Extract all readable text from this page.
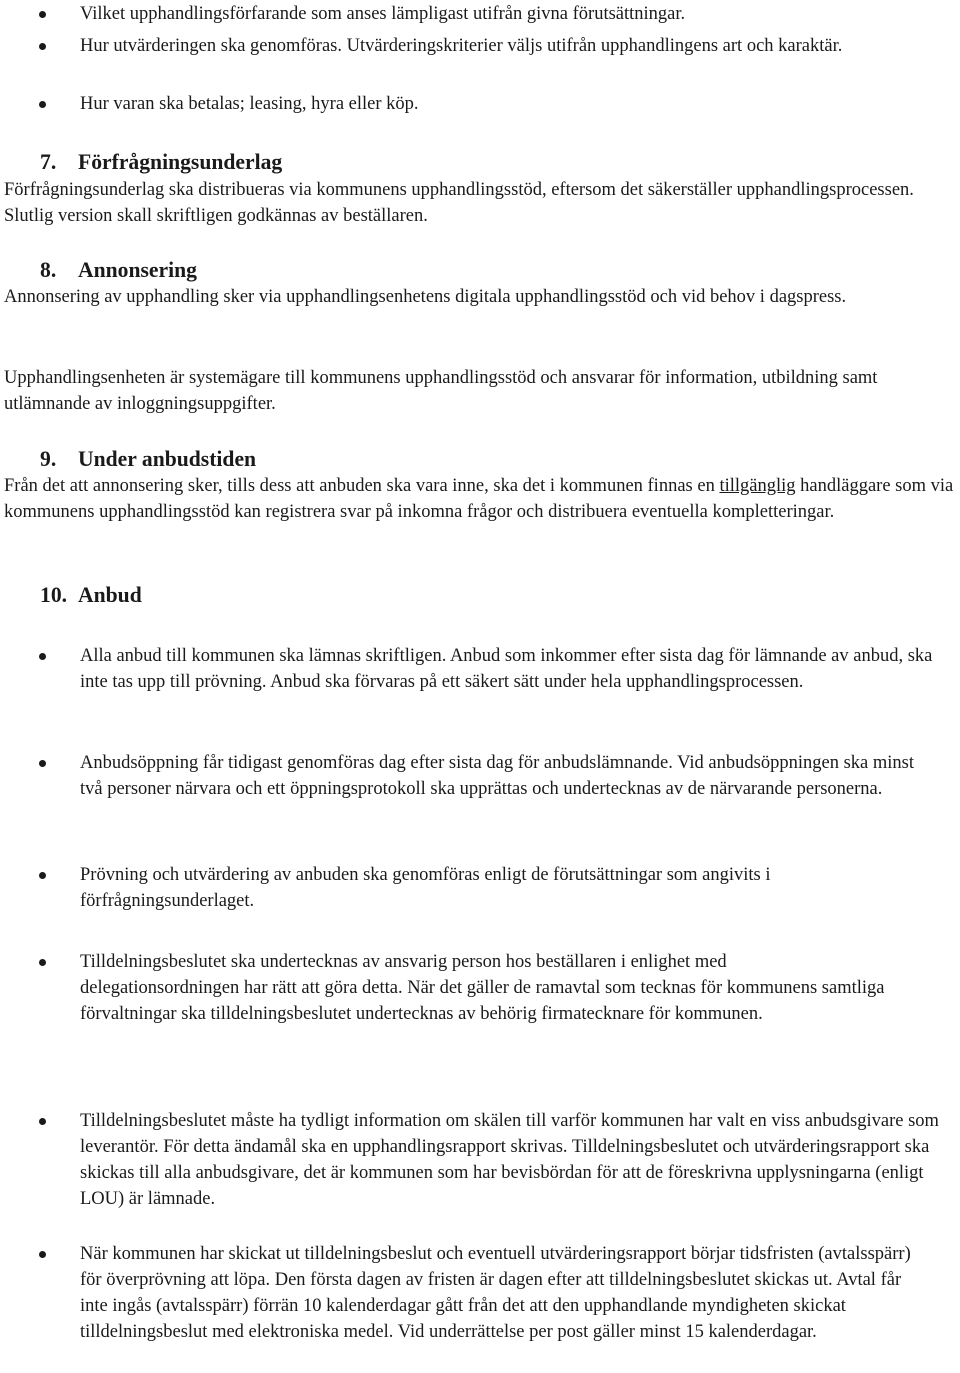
Vilket upphandlingsförfarande som anses lämpligast utifrån givna förutsättningar.

Hur utvärderingen ska genomföras. Utvärderingskriterier väljs utifrån upphandlingens art och karaktär.

Hur varan ska betalas; leasing, hyra eller köp.

7. Förfrågningsunderlag

Förfrågningsunderlag ska distribueras via kommunens upphandlingsstöd, eftersom det säkerställer upphandlingsprocessen. Slutlig version skall skriftligen godkännas av beställaren.

8. Annonsering

Annonsering av upphandling sker via upphandlingsenhetens digitala upphandlingsstöd och vid behov i dagspress.

Upphandlingsenheten är systemägare till kommunens upphandlingsstöd och ansvarar för information, utbildning samt utlämnande av inloggningsuppgifter.

9. Under anbudstiden

Från det att annonsering sker, tills dess att anbuden ska vara inne, ska det i kommunen finnas en tillgänglig handläggare som via kommunens upphandlingsstöd kan registrera svar på inkomna frågor och distribuera eventuella kompletteringar.

10. Anbud

Alla anbud till kommunen ska lämnas skriftligen. Anbud som inkommer efter sista dag för lämnande av anbud, ska inte tas upp till prövning. Anbud ska förvaras på ett säkert sätt under hela upphandlingsprocessen.

Anbudsöppning får tidigast genomföras dag efter sista dag för anbudslämnande. Vid anbudsöppningen ska minst två personer närvara och ett öppningsprotokoll ska upprättas och undertecknas av de närvarande personerna.

Prövning och utvärdering av anbuden ska genomföras enligt de förutsättningar som angivits i förfrågningsunderlaget.

Tilldelningsbeslutet ska undertecknas av ansvarig person hos beställaren i enlighet med delegationsordningen har rätt att göra detta. När det gäller de ramavtal som tecknas för kommunens samtliga förvaltningar ska tilldelningsbeslutet undertecknas av behörig firmatecknare för kommunen.

Tilldelningsbeslutet måste ha tydligt information om skälen till varför kommunen har valt en viss anbudsgivare som leverantör. För detta ändamål ska en upphandlingsrapport skrivas. Tilldelningsbeslutet och utvärderingsrapport ska skickas till alla anbudsgivare, det är kommunen som har bevisbördan för att de föreskrivna upplysningarna (enligt LOU) är lämnade.

När kommunen har skickat ut tilldelningsbeslut och eventuell utvärderingsrapport börjar tidsfristen (avtalsspärr) för överprövning att löpa. Den första dagen av fristen är dagen efter att tilldelningsbeslutet skickas ut. Avtal får inte ingås (avtalsspärr) förrän 10 kalenderdagar gått från det att den upphandlande myndigheten skickat tilldelningsbeslut med elektroniska medel. Vid underrättelse per post gäller minst 15 kalenderdagar.
